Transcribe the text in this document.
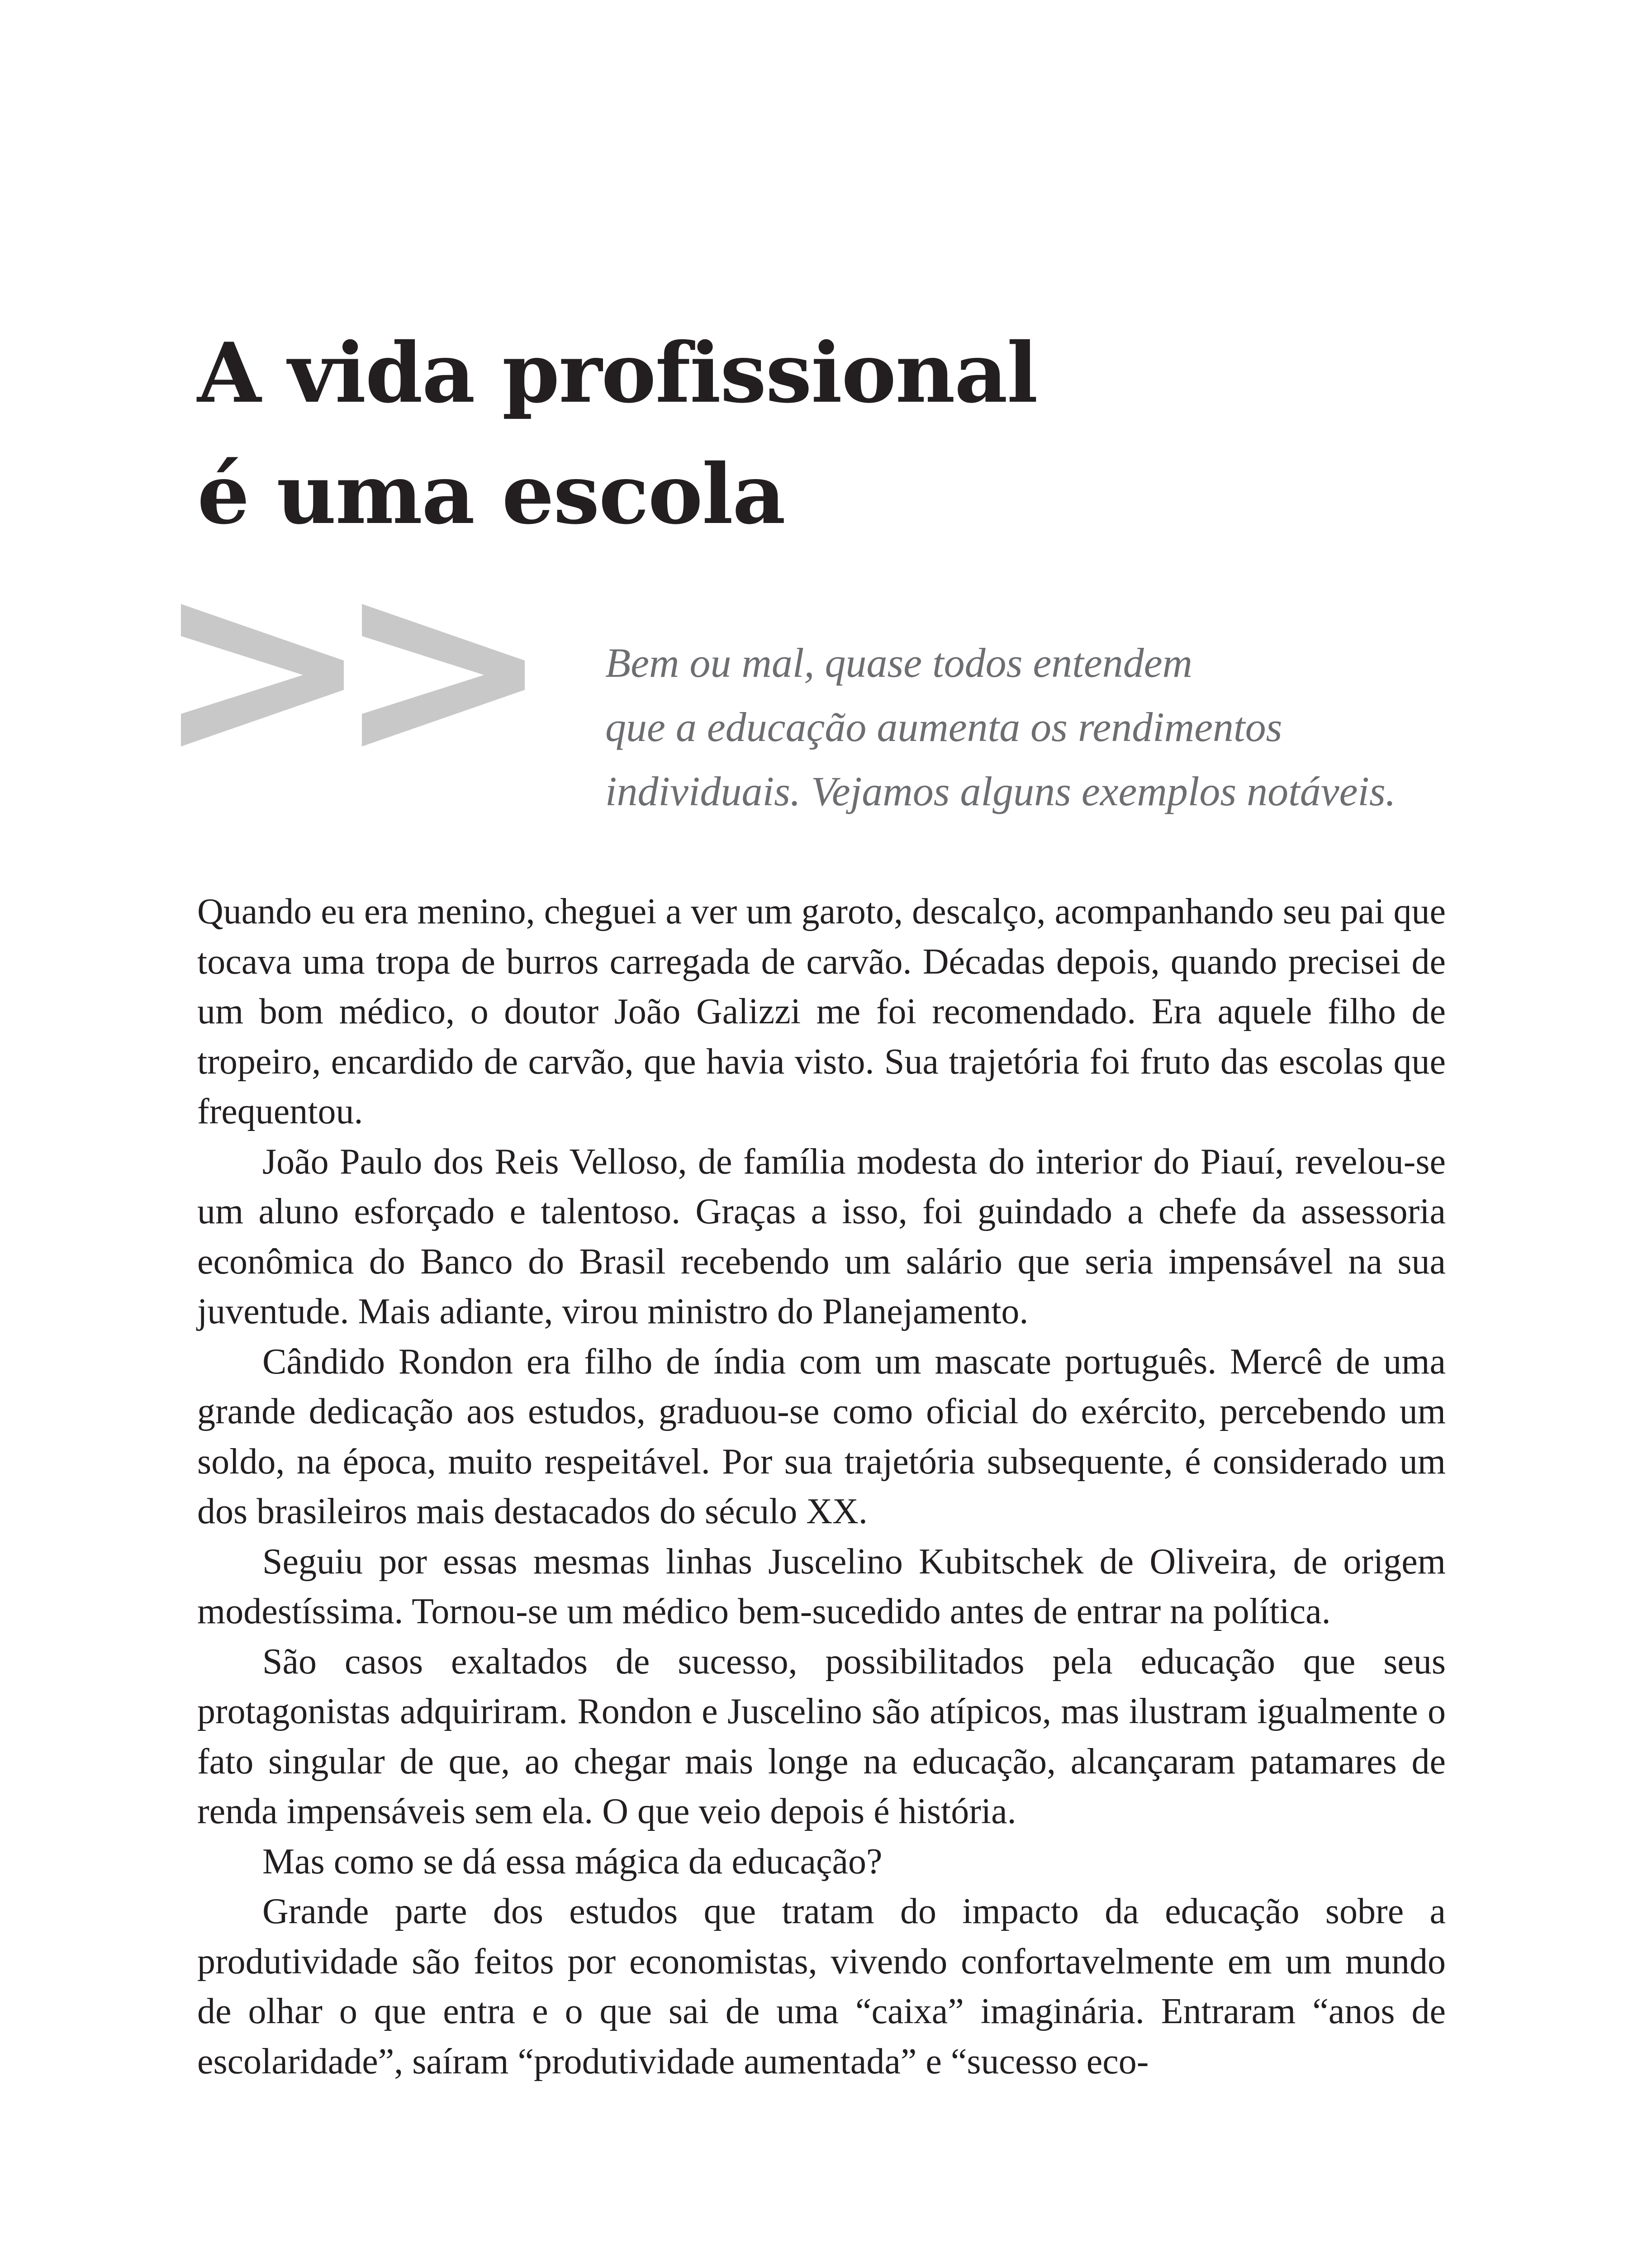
A vida profissional
é uma escola
Bem ou mal, quase todos entendem
que a educação aumenta os rendimentos
individuais. Vejamos alguns exemplos notáveis.

Quando eu era menino, cheguei a ver um garoto, descalço, acompanhando seu pai que tocava uma tropa de burros carregada de carvão. Décadas depois, quando precisei de um bom médico, o doutor João Galizzi me foi recomendado. Era aquele filho de tropeiro, encardido de carvão, que havia visto. Sua trajetória foi fruto das escolas que frequentou.

João Paulo dos Reis Velloso, de família modesta do interior do Piauí, revelou-se um aluno esforçado e talentoso. Graças a isso, foi guindado a chefe da assessoria econômica do Banco do Brasil recebendo um salário que seria impensável na sua juventude. Mais adiante, virou ministro do Planejamento.

Cândido Rondon era filho de índia com um mascate português. Mercê de uma grande dedicação aos estudos, graduou-se como oficial do exército, percebendo um soldo, na época, muito respeitável. Por sua trajetória subsequente, é considerado um dos brasileiros mais destacados do século XX.

Seguiu por essas mesmas linhas Juscelino Kubitschek de Oliveira, de origem modestíssima. Tornou-se um médico bem-sucedido antes de entrar na política.

São casos exaltados de sucesso, possibilitados pela educação que seus protagonistas adquiriram. Rondon e Juscelino são atípicos, mas ilustram igualmente o fato singular de que, ao chegar mais longe na educação, alcançaram patamares de renda impensáveis sem ela. O que veio depois é história.

Mas como se dá essa mágica da educação?

Grande parte dos estudos que tratam do impacto da educação sobre a produtividade são feitos por economistas, vivendo confortavelmente em um mundo de olhar o que entra e o que sai de uma “caixa” imaginária. Entraram “anos de escolaridade”, saíram “produtividade aumentada” e “sucesso eco-
